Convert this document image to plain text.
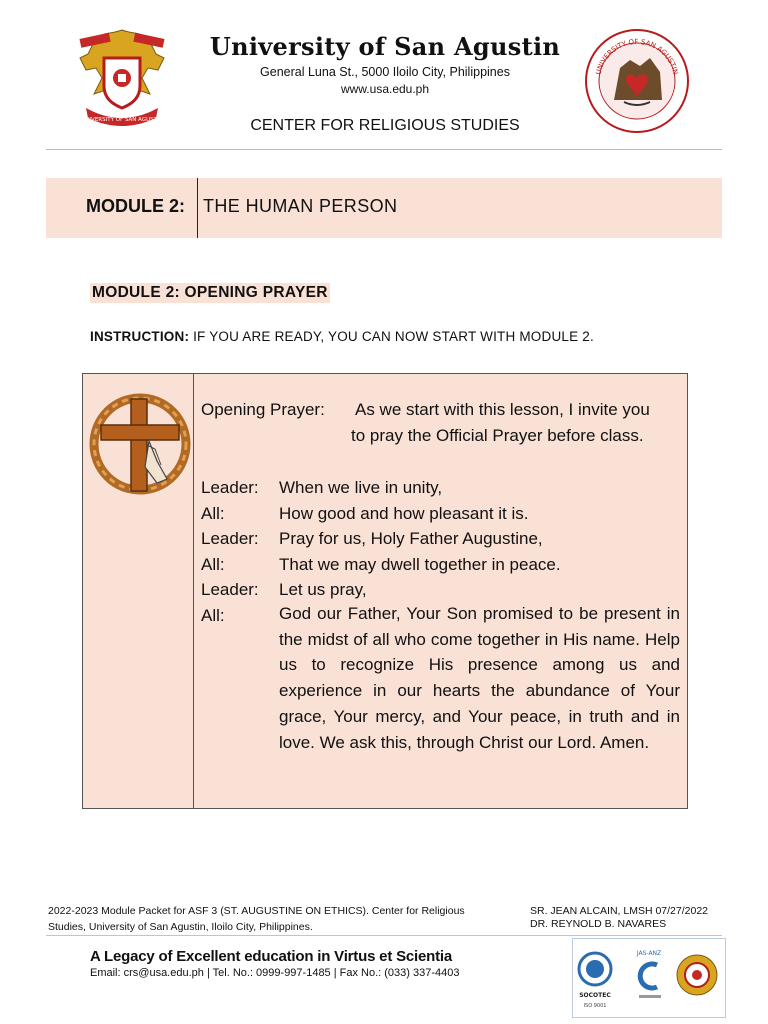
UNIVERSITY OF SAN AGUSTIN
University of San Agustin
General Luna St., 5000 Iloilo City, Philippines
www.usa.edu.ph
CENTER FOR RELIGIOUS STUDIES
UNIVERSITY OF SAN AGUSTIN
MODULE 2: THE HUMAN PERSON
MODULE 2: OPENING PRAYER
INSTRUCTION: IF YOU ARE READY, YOU CAN NOW START WITH MODULE 2.
Opening Prayer: As we start with this lesson, I invite you
to pray the Official Prayer before class.
Leader:	When we live in unity,
All:	How good and how pleasant it is.
Leader:	Pray for us, Holy Father Augustine,
All:	That we may dwell together in peace.
Leader:	Let us pray,
All:	God our Father, Your Son promised to be present in the midst of all who come together in His name. Help us to recognize His presence among us and experience in our hearts the abundance of Your grace, Your mercy, and Your peace, in truth and in love. We ask this, through Christ our Lord. Amen.
2022-2023 Module Packet for ASF 3 (ST. AUGUSTINE ON ETHICS). Center for Religious
Studies, University of San Agustin, Iloilo City, Philippines.
SR. JEAN ALCAIN, LMSH 07/27/2022
DR. REYNOLD B. NAVARES
A Legacy of Excellent education in Virtus et Scientia
Email: crs@usa.edu.ph | Tel. No.: 0999-997-1485 | Fax No.: (033) 337-4403
SOCOTEC
ISO 9001
JAS-ANZ
